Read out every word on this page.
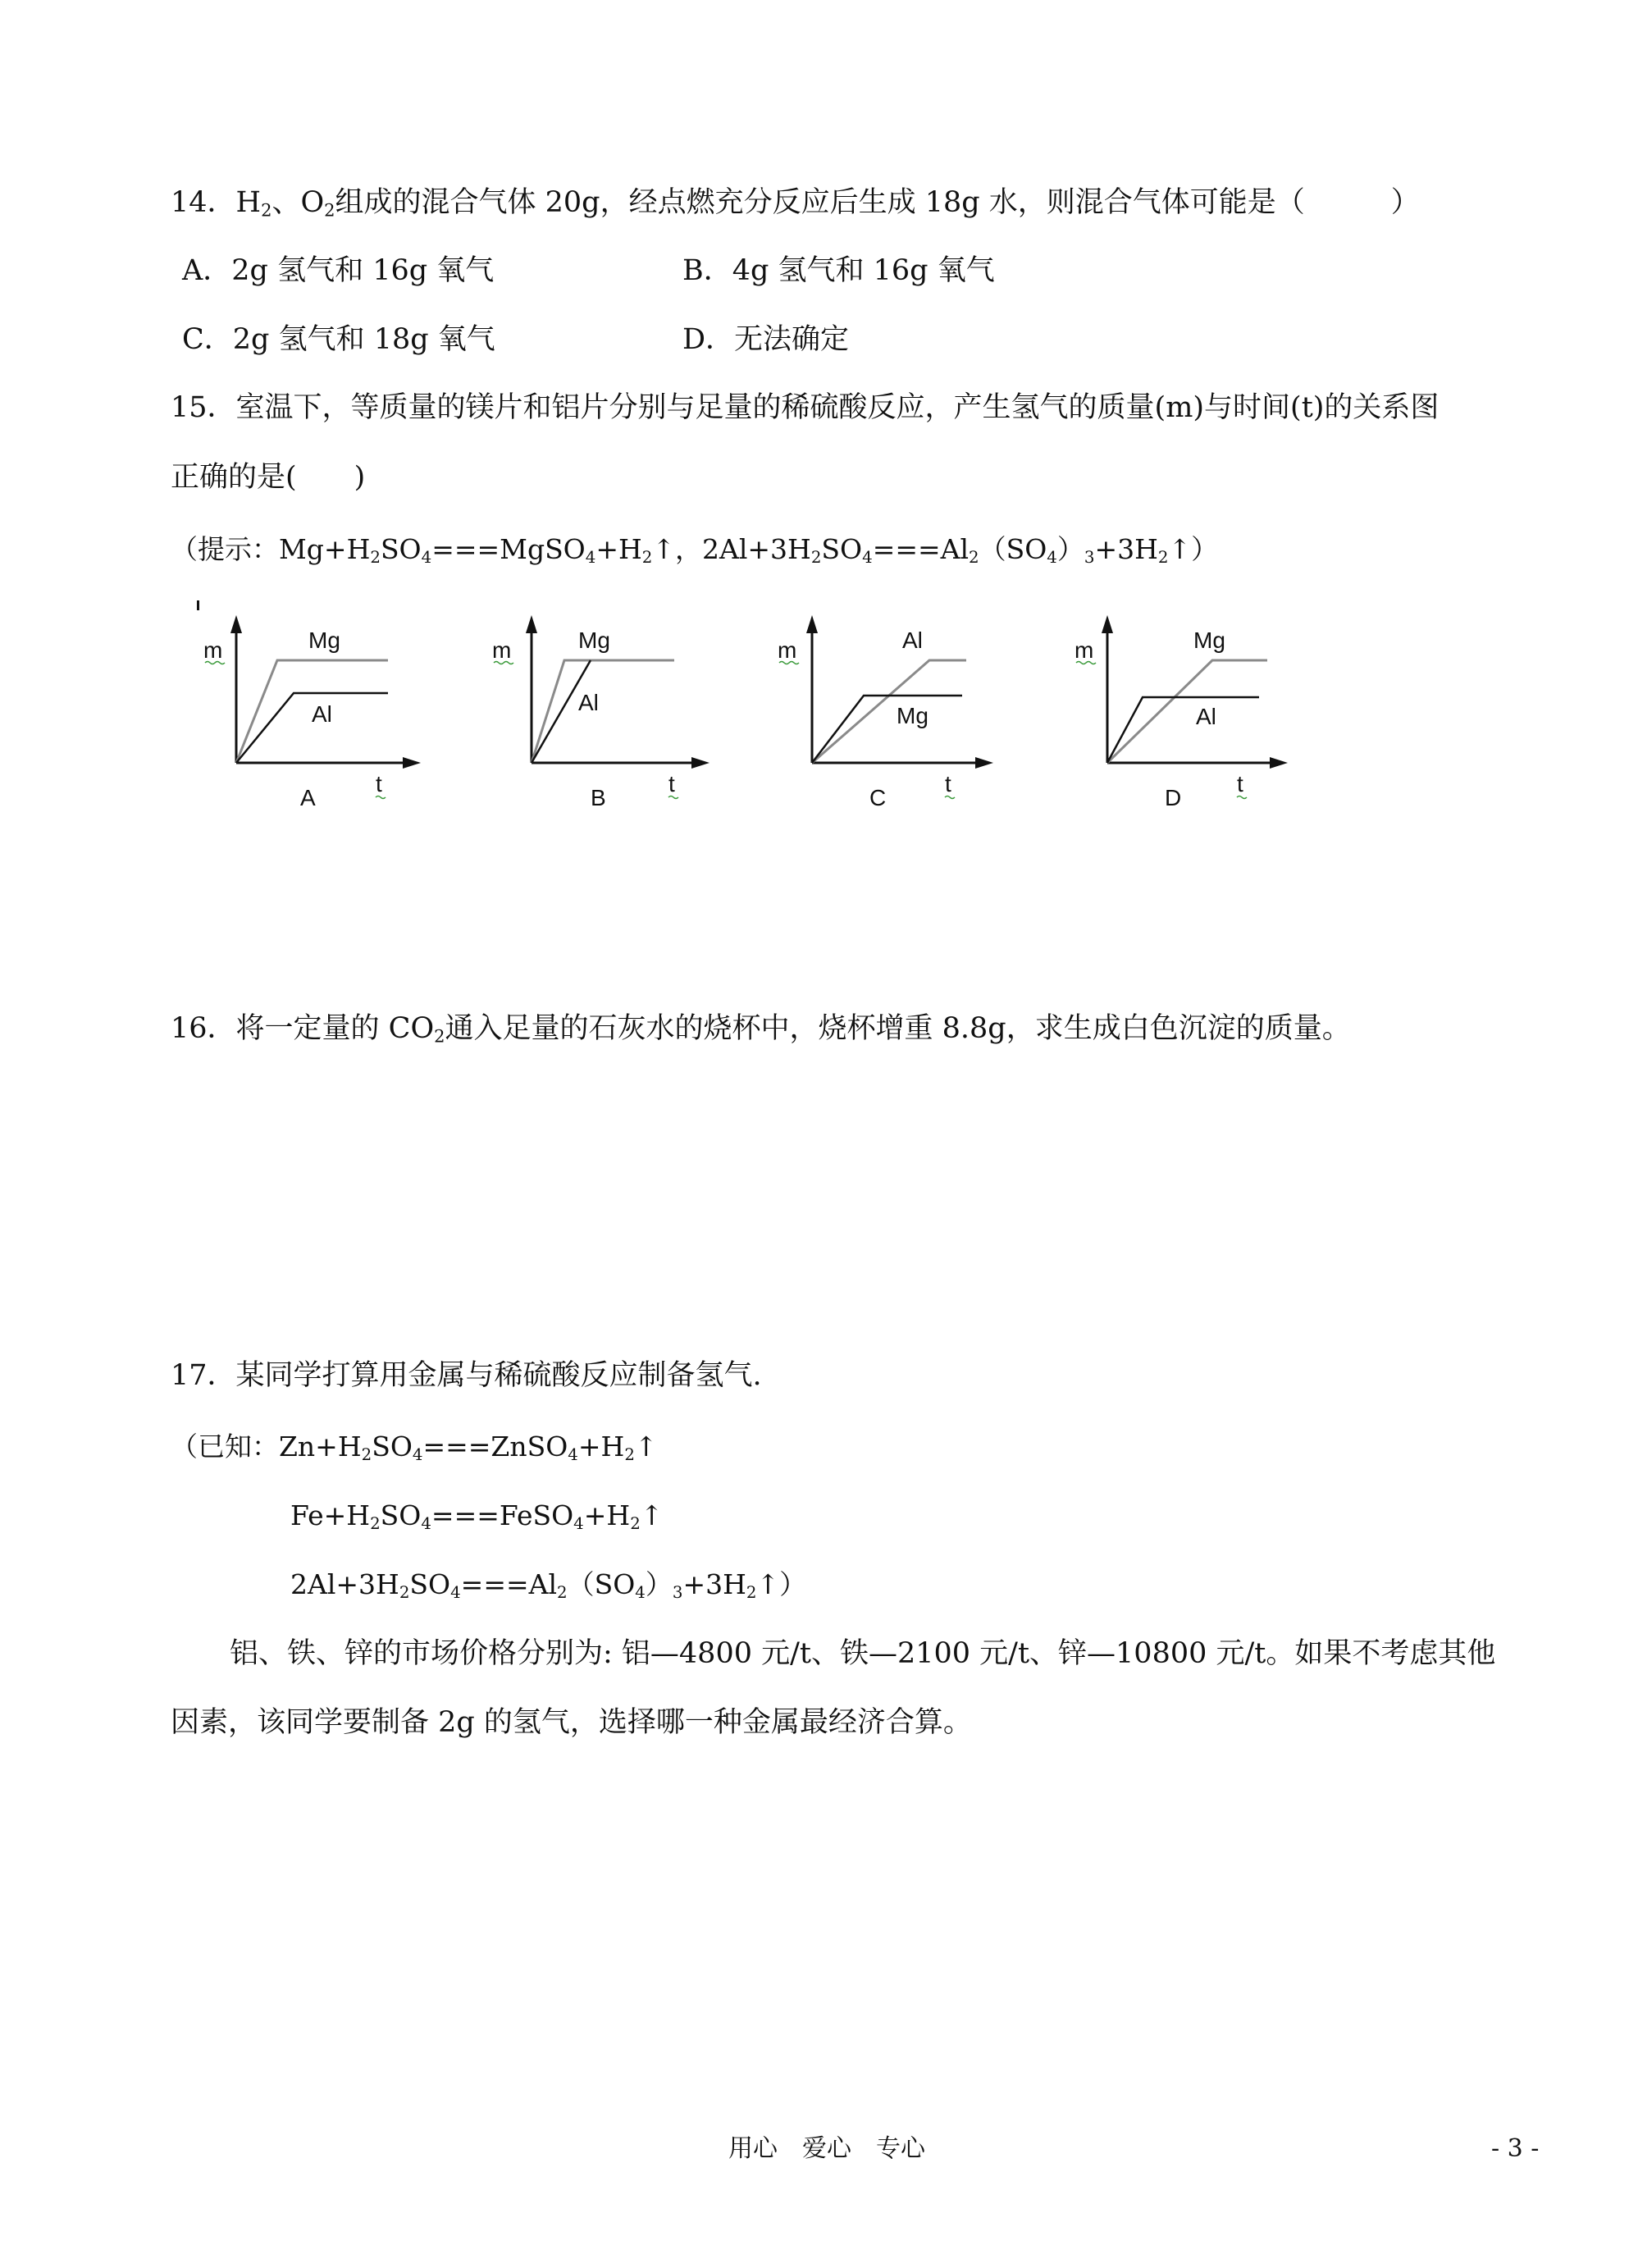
14．$H_2$、$O_2$组成的混合气体 20g，经点燃充分反应后生成 18g 水，则混合气体可能是（　　　）
A．2g 氢气和 16g 氧气	B．4g 氢气和 16g 氧气
C．2g 氢气和 18g 氧气	D．无法确定
15．室温下，等质量的镁片和铝片分别与足量的稀硫酸反应，产生氢气的质量(m)与时间(t)的关系图
正确的是(　　)
（提示：$Mg+H_2SO_4===MgSO_4+H_2↑$，$2Al+3H_2SO_4===Al_2(SO_4)_3+3H_2↑$）
m	Mg
Al
A
t
m	Mg
Al
B
t
m	Al
Mg
C
t
m	Mg
Al
D
t
16．将一定量的 $CO_2$通入足量的石灰水的烧杯中，烧杯增重 8.8g，求生成白色沉淀的质量。
17．某同学打算用金属与稀硫酸反应制备氢气.
（已知：$Zn+H_2SO_4===ZnSO_4+H_2↑$
$Fe+H_2SO_4===FeSO_4+H_2↑$
$2Al+3H_2SO_4===Al_2(SO_4)_3+3H_2↑$）
铝、铁、锌的市场价格分别为: 铝—4800 元/t、铁—2100 元/t、锌—10800 元/t。如果不考虑其他
因素，该同学要制备 2g 的氢气，选择哪一种金属最经济合算。
用心　爱心　专心	- 3 -
